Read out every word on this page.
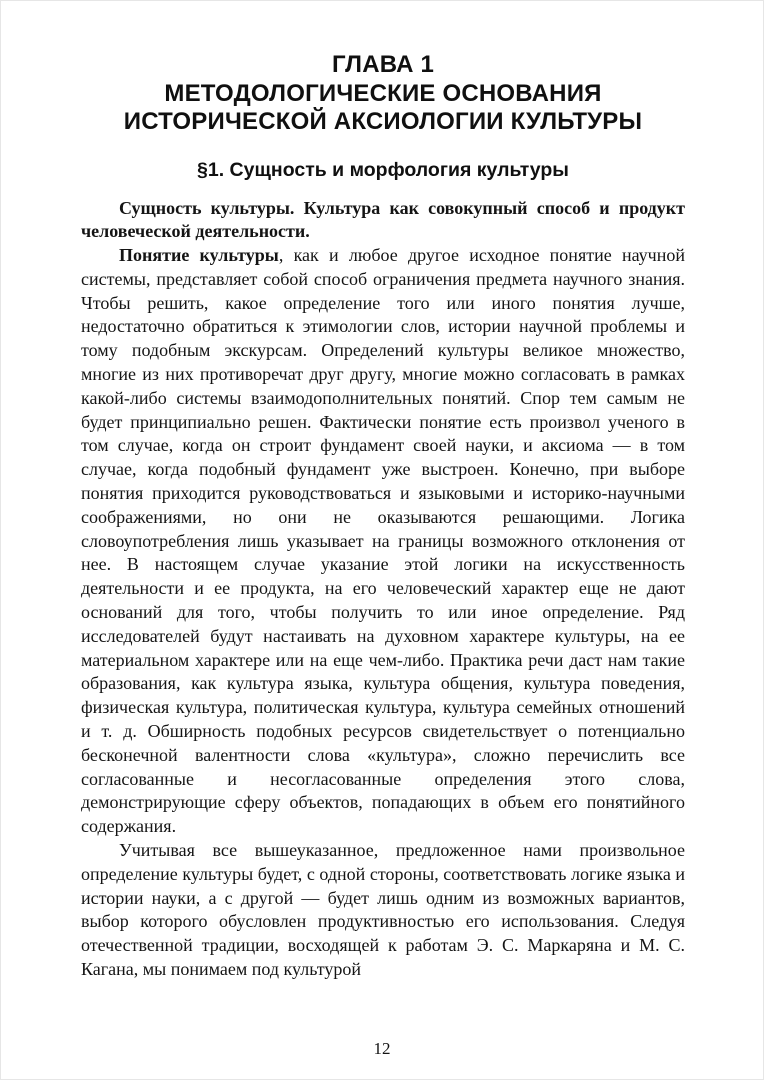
ГЛАВА 1
МЕТОДОЛОГИЧЕСКИЕ ОСНОВАНИЯ
ИСТОРИЧЕСКОЙ АКСИОЛОГИИ КУЛЬТУРЫ
§1. Сущность и морфология культуры

Сущность культуры. Культура как совокупный способ и продукт человеческой деятельности.

Понятие культуры, как и любое другое исходное понятие научной системы, представляет собой способ ограничения предмета научного знания. Чтобы решить, какое определение того или иного понятия лучше, недостаточно обратиться к этимологии слов, истории научной проблемы и тому подобным экскурсам. Определений культуры великое множество, многие из них противоречат друг другу, многие можно согласовать в рамках какой-либо системы взаимодополнительных понятий. Спор тем самым не будет принципиально решен. Фактически понятие есть произвол ученого в том случае, когда он строит фундамент своей науки, и аксиома — в том случае, когда подобный фундамент уже выстроен. Конечно, при выборе понятия приходится руководствоваться и языковыми и историко-научными соображениями, но они не оказываются решающими. Логика словоупотребления лишь указывает на границы возможного отклонения от нее. В настоящем случае указание этой логики на искусственность деятельности и ее продукта, на его человеческий характер еще не дают оснований для того, чтобы получить то или иное определение. Ряд исследователей будут настаивать на духовном характере культуры, на ее материальном характере или на еще чем-либо. Практика речи даст нам такие образования, как культура языка, культура общения, культура поведения, физическая культура, политическая культура, культура семейных отношений и т. д. Обширность подобных ресурсов свидетельствует о потенциально бесконечной валентности слова «культура», сложно перечислить все согласованные и несогласованные определения этого слова, демонстрирующие сферу объектов, попадающих в объем его понятийного содержания.

Учитывая все вышеуказанное, предложенное нами произвольное определение культуры будет, с одной стороны, соответствовать логике языка и истории науки, а с другой — будет лишь одним из возможных вариантов, выбор которого обусловлен продуктивностью его использования. Следуя отечественной традиции, восходящей к работам Э. С. Маркаряна и М. С. Кагана, мы понимаем под культурой

12
